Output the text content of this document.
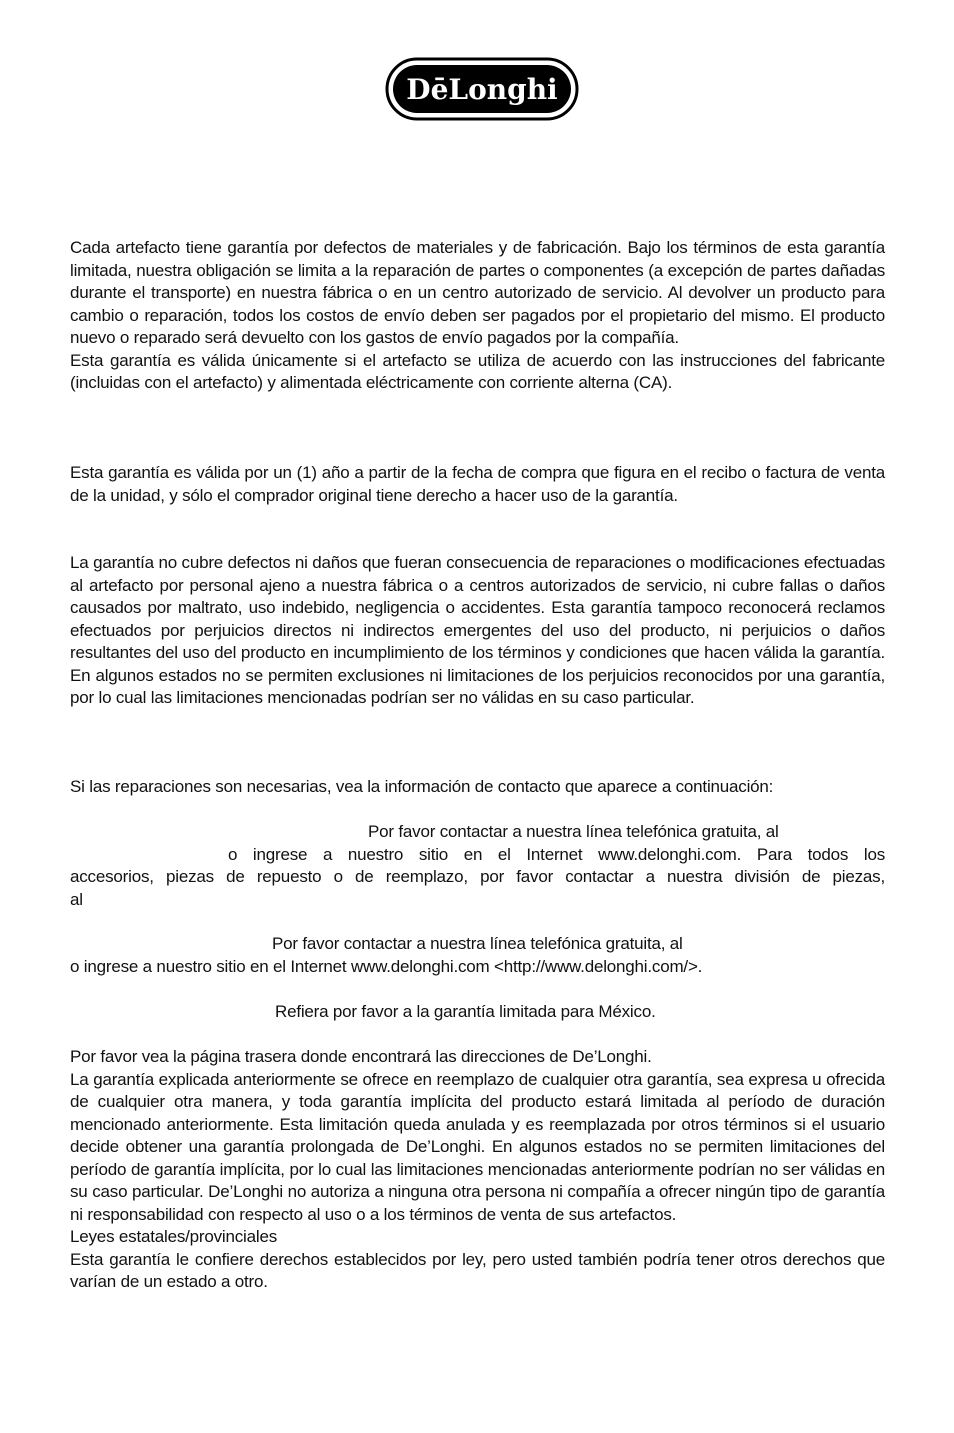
DēLonghi
Cada artefacto tiene garantía por defectos de materiales y de fabricación. Bajo los términos de esta garantía limitada, nuestra obligación se limita a la reparación de partes o componentes (a excepción de partes dañadas durante el transporte) en nuestra fábrica o en un centro autorizado de servicio. Al devolver un producto para cambio o reparación, todos los costos de envío deben ser pagados por el propietario del mismo. El producto nuevo o reparado será devuelto con los gastos de envío pagados por la compañía.
Esta garantía es válida únicamente si el artefacto se utiliza de acuerdo con las instrucciones del fabricante (incluidas con el artefacto) y alimentada eléctricamente con corriente alterna (CA).
Esta garantía es válida por un (1) año a partir de la fecha de compra que figura en el recibo o factura de venta de la unidad, y sólo el comprador original tiene derecho a hacer uso de la garantía.
La garantía no cubre defectos ni daños que fueran consecuencia de reparaciones o modificaciones efectuadas al artefacto por personal ajeno a nuestra fábrica o a centros autorizados de servicio, ni cubre fallas o daños causados por maltrato, uso indebido, negligencia o accidentes. Esta garantía tampoco reconocerá reclamos efectuados por perjuicios directos ni indirectos emergentes del uso del producto, ni perjuicios o daños resultantes del uso del producto en incumplimiento de los términos y condiciones que hacen válida la garantía. En algunos estados no se permiten exclusiones ni limitaciones de los perjuicios reconocidos por una garantía, por lo cual las limitaciones mencionadas podrían ser no válidas en su caso particular.
Si las reparaciones son necesarias, vea la información de contacto que aparece a continuación:
Por favor contactar a nuestra línea telefónica gratuita, al
o ingrese a nuestro sitio en el Internet www.delonghi.com. Para todos los
accesorios, piezas de repuesto o de reemplazo, por favor contactar a nuestra división de piezas,
al
Por favor contactar a nuestra línea telefónica gratuita, al
o ingrese a nuestro sitio en el Internet www.delonghi.com <http://www.delonghi.com/>.
Refiera por favor a la garantía limitada para México.
Por favor vea la página trasera donde encontrará las direcciones de De’Longhi.
La garantía explicada anteriormente se ofrece en reemplazo de cualquier otra garantía, sea expresa u ofrecida de cualquier otra manera, y toda garantía implícita del producto estará limitada al período de duración mencionado anteriormente. Esta limitación queda anulada y es reemplazada por otros términos si el usuario decide obtener una garantía prolongada de De’Longhi. En algunos estados no se permiten limitaciones del período de garantía implícita, por lo cual las limitaciones mencionadas anteriormente podrían no ser válidas en su caso particular. De’Longhi no autoriza a ninguna otra persona ni compañía a ofrecer ningún tipo de garantía ni responsabilidad con respecto al uso o a los términos de venta de sus artefactos.
Leyes estatales/provinciales
Esta garantía le confiere derechos establecidos por ley, pero usted también podría tener otros derechos que varían de un estado a otro.
